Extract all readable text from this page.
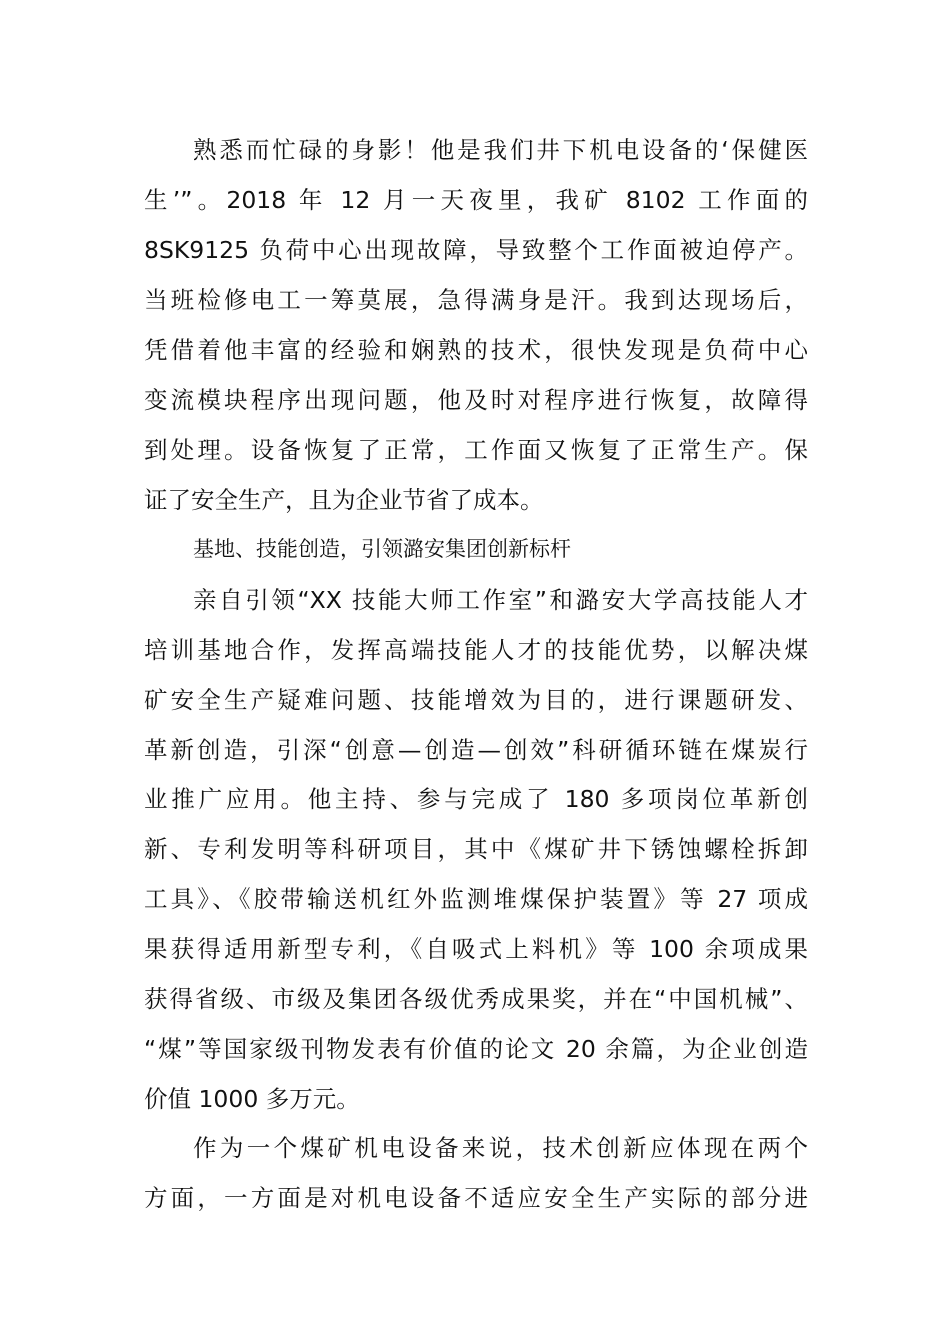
熟悉而忙碌的身影！他是我们井下机电设备的‘保健医
生’”。2018 年 12 月一天夜里，我矿 8102 工作面的
8SK9125 负荷中心出现故障，导致整个工作面被迫停产。
当班检修电工一筹莫展，急得满身是汗。我到达现场后，
凭借着他丰富的经验和娴熟的技术，很快发现是负荷中心
变流模块程序出现问题，他及时对程序进行恢复，故障得
到处理。设备恢复了正常，工作面又恢复了正常生产。保
证了安全生产，且为企业节省了成本。
基地、技能创造，引领潞安集团创新标杆
亲自引领“XX 技能大师工作室”和潞安大学高技能人才
培训基地合作，发挥高端技能人才的技能优势，以解决煤
矿安全生产疑难问题、技能增效为目的，进行课题研发、
革新创造，引深“创意—创造—创效”科研循环链在煤炭行
业推广应用。他主持、参与完成了 180 多项岗位革新创
新、专利发明等科研项目，其中《煤矿井下锈蚀螺栓拆卸
工具》、《胶带输送机红外监测堆煤保护装置》等 27 项成
果获得适用新型专利，《自吸式上料机》等 100 余项成果
获得省级、市级及集团各级优秀成果奖，并在“中国机械”、
“煤”等国家级刊物发表有价值的论文 20 余篇，为企业创造
价值 1000 多万元。
作为一个煤矿机电设备来说，技术创新应体现在两个
方面，一方面是对机电设备不适应安全生产实际的部分进
